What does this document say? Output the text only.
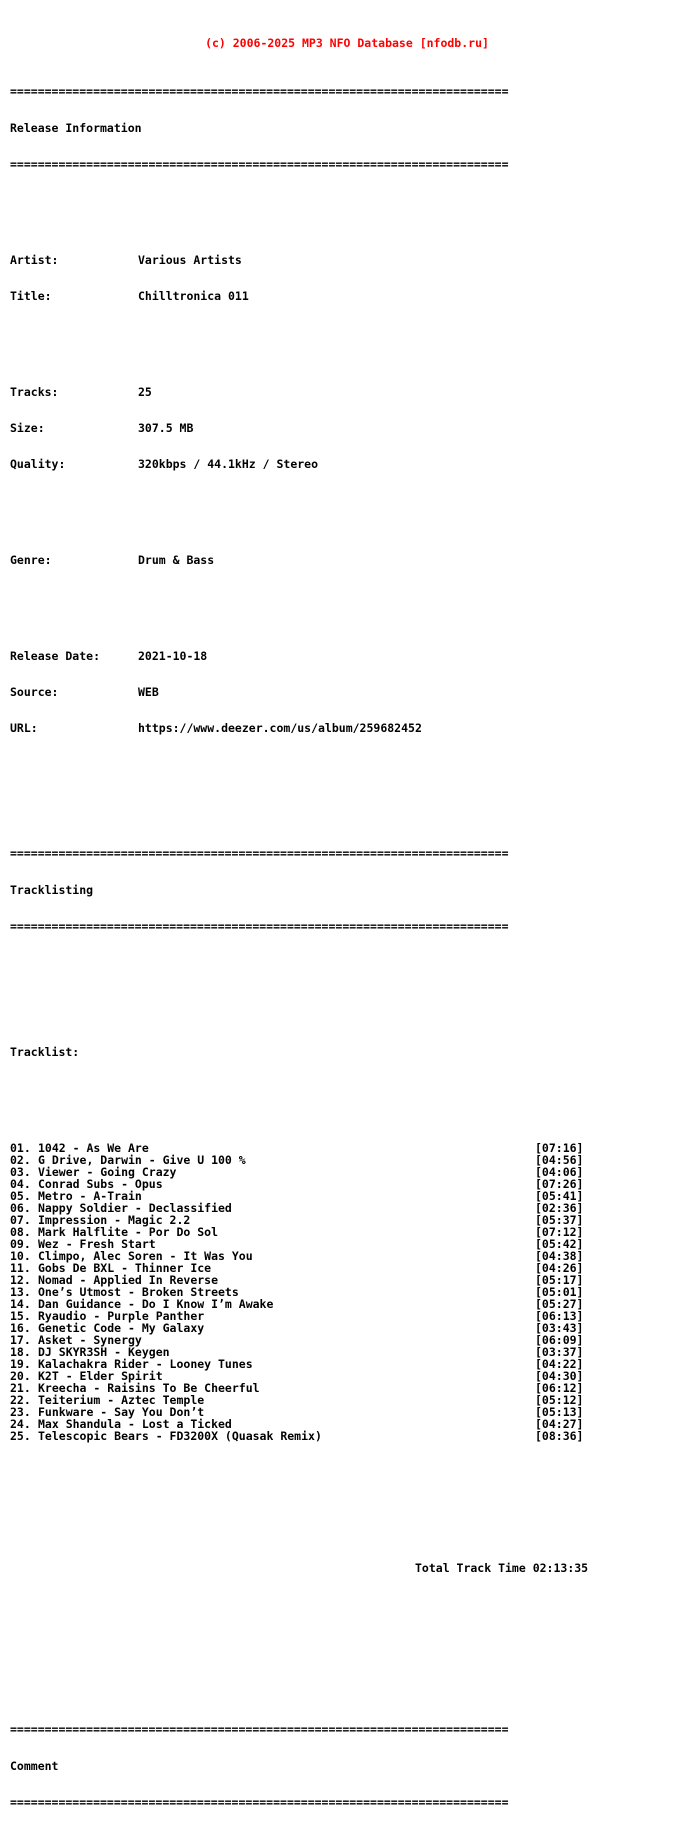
(c) 2006-2025 MP3 NFO Database [nfodb.ru]

========================================================================

Release Information

========================================================================

Artist:	Various Artists

Title:	Chilltronica 011

Tracks:	25

Size:	307.5 MB

Quality:	320kbps / 44.1kHz / Stereo

Genre:	Drum & Bass

Release Date:	2021-10-18

Source:	WEB

URL:	https://www.deezer.com/us/album/259682452

========================================================================

Tracklisting

========================================================================

Tracklist:

01. 1042 - As We Are	[07:16]
02. G Drive, Darwin - Give U 100 %	[04:56]
03. Viewer - Going Crazy	[04:06]
04. Conrad Subs - Opus	[07:26]
05. Metro - A-Train	[05:41]
06. Nappy Soldier - Declassified	[02:36]
07. Impression - Magic 2.2	[05:37]
08. Mark Halflite - Por Do Sol	[07:12]
09. Wez - Fresh Start	[05:42]
10. Climpo, Alec Soren - It Was You	[04:38]
11. Gobs De BXL - Thinner Ice	[04:26]
12. Nomad - Applied In Reverse	[05:17]
13. One’s Utmost - Broken Streets	[05:01]
14. Dan Guidance - Do I Know I’m Awake	[05:27]
15. Ryaudio - Purple Panther	[06:13]
16. Genetic Code - My Galaxy	[03:43]
17. Asket - Synergy	[06:09]
18. DJ SKYR3SH - Keygen	[03:37]
19. Kalachakra Rider - Looney Tunes	[04:22]
20. K2T - Elder Spirit	[04:30]
21. Kreecha - Raisins To Be Cheerful	[06:12]
22. Teiterium - Aztec Temple	[05:12]
23. Funkware - Say You Don’t	[05:13]
24. Max Shandula - Lost a Ticked	[04:27]
25. Telescopic Bears - FD3200X (Quasak Remix)	[08:36]

Total Track Time 02:13:35

========================================================================

Comment

========================================================================
